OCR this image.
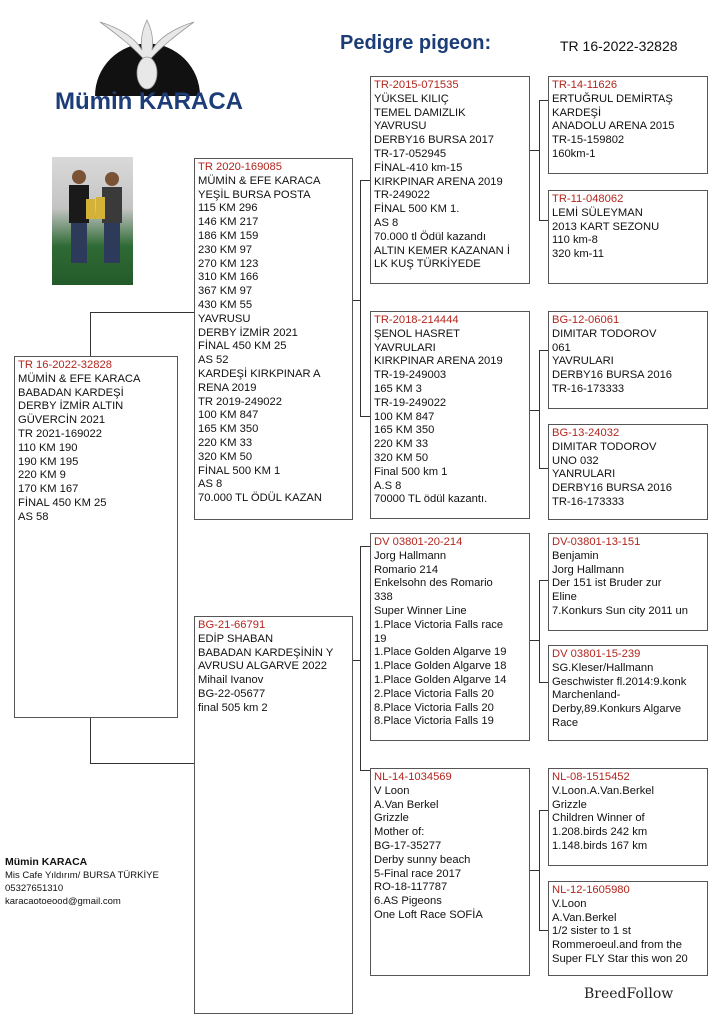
Mümin KARACA
Pedigre pigeon:	TR 16-2022-32828
TR 16-2022-32828
MÜMİN & EFE KARACA
BABADAN KARDEŞİ
DERBY İZMİR ALTIN
GÜVERCİN 2021
TR 2021-169022
110 KM 190
190 KM 195
220 KM 9
170 KM 167
FİNAL 450 KM 25
AS 58
TR 2020-169085
MÜMİN & EFE KARACA
YEŞİL BURSA POSTA
115 KM 296
146 KM 217
186 KM 159
230 KM 97
270 KM 123
310 KM 166
367 KM 97
430 KM 55
YAVRUSU
DERBY İZMİR 2021
FİNAL 450 KM 25
AS 52
KARDEŞİ KIRKPINAR A
RENA 2019
TR 2019-249022
100 KM 847
165 KM 350
220 KM 33
320 KM 50
FİNAL 500 KM 1
AS 8
70.000 TL ÖDÜL KAZAN
BG-21-66791
EDİP SHABAN
BABADAN KARDEŞİNİN Y
AVRUSU ALGARVE 2022
Mihail Ivanov
BG-22-05677
final 505 km 2
TR-2015-071535
YÜKSEL KILIÇ
TEMEL DAMIZLIK
YAVRUSU
DERBY16 BURSA 2017
TR-17-052945
FİNAL-410 km-15
KIRKPINAR ARENA 2019
TR-249022
FİNAL 500 KM 1.
AS 8
70.000 tl Ödül kazandı
ALTIN KEMER KAZANAN İ
LK KUŞ TÜRKİYEDE
TR-2018-214444
ŞENOL HASRET
YAVRULARI
KIRKPINAR ARENA 2019
TR-19-249003
165 KM 3
TR-19-249022
100 KM 847
165 KM 350
220 KM 33
320 KM 50
Final 500 km 1
A.S 8
70000 TL ödül kazantı.
DV 03801-20-214
Jorg Hallmann
Romario 214
Enkelsohn des Romario
338
Super Winner Line
1.Place Victoria Falls race
19
1.Place Golden Algarve 19
1.Place Golden Algarve 18
1.Place Golden Algarve 14
2.Place Victoria Falls 20
8.Place Victoria Falls 20
8.Place Victoria Falls 19
NL-14-1034569
V Loon
A.Van Berkel
Grizzle
Mother of:
BG-17-35277
Derby sunny beach
5-Final race 2017
RO-18-117787
6.AS Pigeons
One Loft Race SOFİA
TR-14-11626
ERTUĞRUL DEMİRTAŞ
KARDEŞİ
ANADOLU ARENA 2015
TR-15-159802
160km-1
TR-11-048062
LEMİ SÜLEYMAN
2013 KART SEZONU
110 km-8
320 km-11
BG-12-06061
DIMITAR TODOROV
061
YAVRULARI
DERBY16 BURSA 2016
TR-16-173333
BG-13-24032
DIMITAR TODOROV
UNO 032
YANRULARI
DERBY16 BURSA 2016
TR-16-173333
DV-03801-13-151
Benjamin
Jorg Hallmann
Der 151 ist Bruder zur
Eline
7.Konkurs Sun city 2011 un
DV 03801-15-239
SG.Kleser/Hallmann
Geschwister fl.2014:9.konk
Marchenland-
Derby,89.Konkurs Algarve
Race
NL-08-1515452
V.Loon.A.Van.Berkel
Grizzle
Children Winner of
1.208.birds 242 km
1.148.birds 167 km
NL-12-1605980
V.Loon
A.Van.Berkel
1/2 sister to 1 st
Rommeroeul.and from the
Super FLY Star this won 20
Mümin KARACA
Mis Cafe Yıldırım/ BURSA TÜRKİYE
05327651310
karacaotoeood@gmail.com
BreedFollow
